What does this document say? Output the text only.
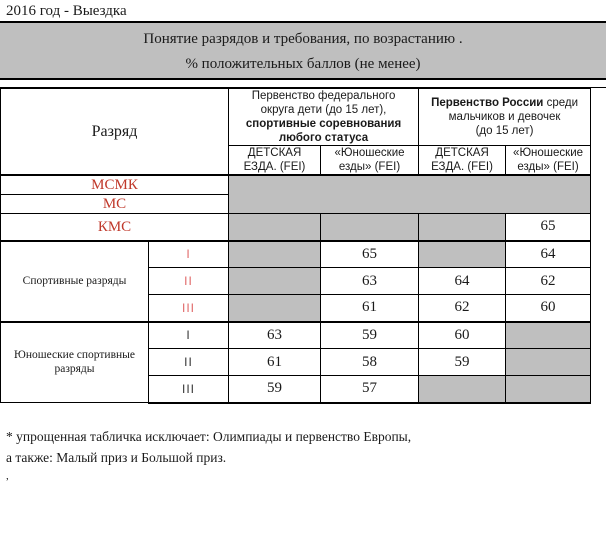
2016 год - Выездка
Понятие разрядов и требования, по возрастанию .
% положительных баллов (не менее)
Разряд		Первенство федерального
округа дети (до 15 лет),
спортивные соревнования
любого статуса		Первенство России среди
мальчиков и девочек
(до 15 лет)	
		ДЕТСКАЯ
ЕЗДА. (FEI)	«Юношеские
езды» (FEI)	ДЕТСКАЯ
ЕЗДА. (FEI)	«Юношеские
езды» (FEI)
МСМК					
МС					
КМС					65
Спортивные разряды	I		65		64
	II		63	64	62
	III		61	62	60
Юношеские спортивные разряды	I	63	59	60	
	II	61	58	59	
	III	59	57		
* упрощенная табличка исключает: Олимпиады и первенство Европы,
а также: Малый приз и Большой приз.
,
